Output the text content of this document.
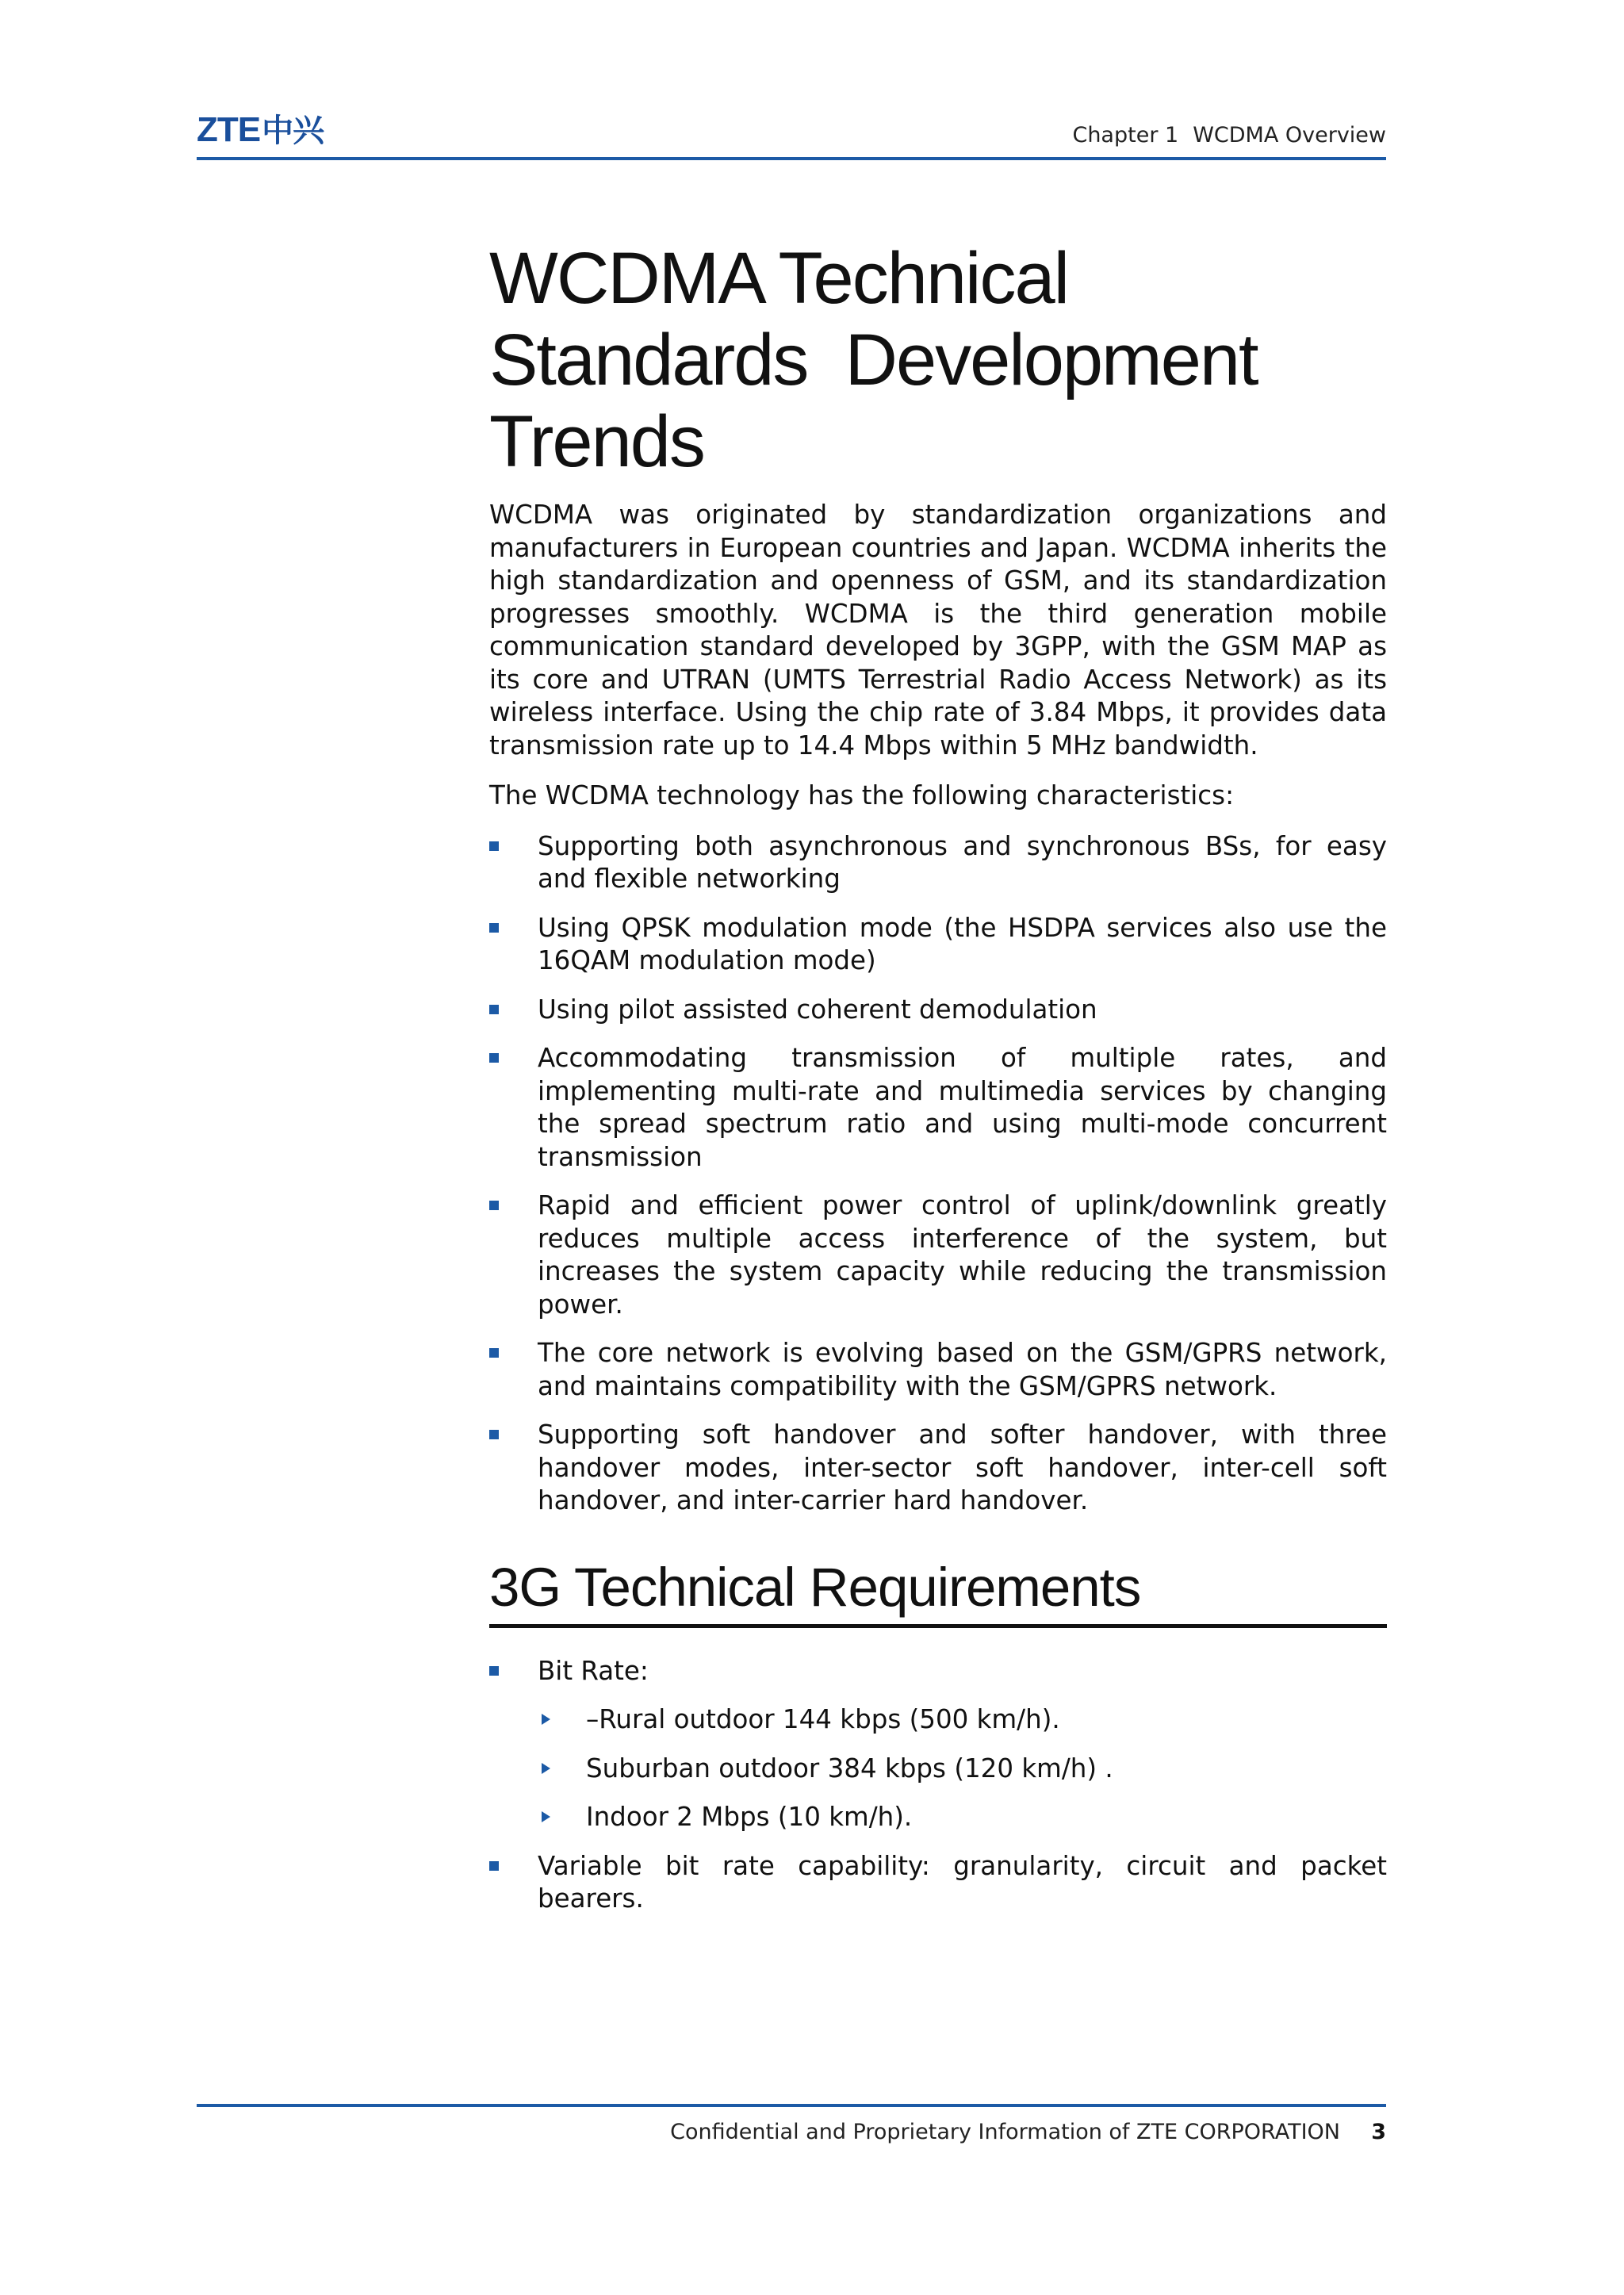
ZTE中兴	Chapter 1 WCDMA Overview
WCDMA Technical
Standards  Development
Trends

WCDMA was originated by standardization organizations and manufacturers in European countries and Japan. WCDMA inherits the high standardization and openness of GSM, and its standardization progresses smoothly. WCDMA is the third generation mobile communication standard developed by 3GPP, with the GSM MAP as its core and UTRAN (UMTS Terrestrial Radio Access Network) as its wireless interface. Using the chip rate of 3.84 Mbps, it provides data transmission rate up to 14.4 Mbps within 5 MHz bandwidth.

The WCDMA technology has the following characteristics:

Supporting both asynchronous and synchronous BSs, for easy and flexible networking
Using QPSK modulation mode (the HSDPA services also use the 16QAM modulation mode)
Using pilot assisted coherent demodulation
Accommodating transmission of multiple rates, and implementing multi-rate and multimedia services by changing the spread spectrum ratio and using multi-mode concurrent transmission
Rapid and efficient power control of uplink/downlink greatly reduces multiple access interference of the system, but increases the system capacity while reducing the transmission power.
The core network is evolving based on the GSM/GPRS network, and maintains compatibility with the GSM/GPRS network.
Supporting soft handover and softer handover, with three handover modes, inter-sector soft handover, inter-cell soft handover, and inter-carrier hard handover.
3G Technical Requirements
Bit Rate:
–Rural outdoor 144 kbps (500 km/h).
Suburban outdoor 384 kbps (120 km/h) .
Indoor 2 Mbps (10 km/h).
Variable bit rate capability: granularity, circuit and packet bearers.
Confidential and Proprietary Information of ZTE CORPORATION 3
